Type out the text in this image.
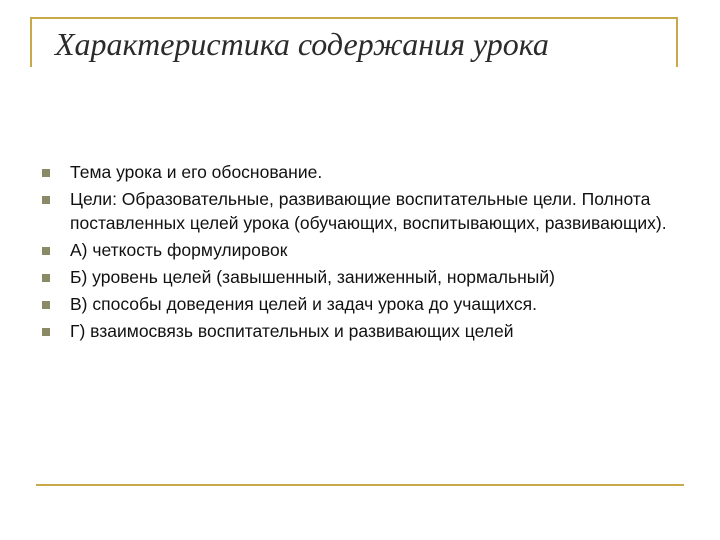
Характеристика содержания урока
Тема урока и его обоснование.
Цели: Образовательные, развивающие воспитательные цели. Полнота поставленных целей урока (обучающих, воспитывающих, развивающих).
А) четкость формулировок
Б) уровень целей (завышенный, заниженный, нормальный)
В) способы доведения целей и задач урока до учащихся.
Г) взаимосвязь воспитательных и развивающих целей
